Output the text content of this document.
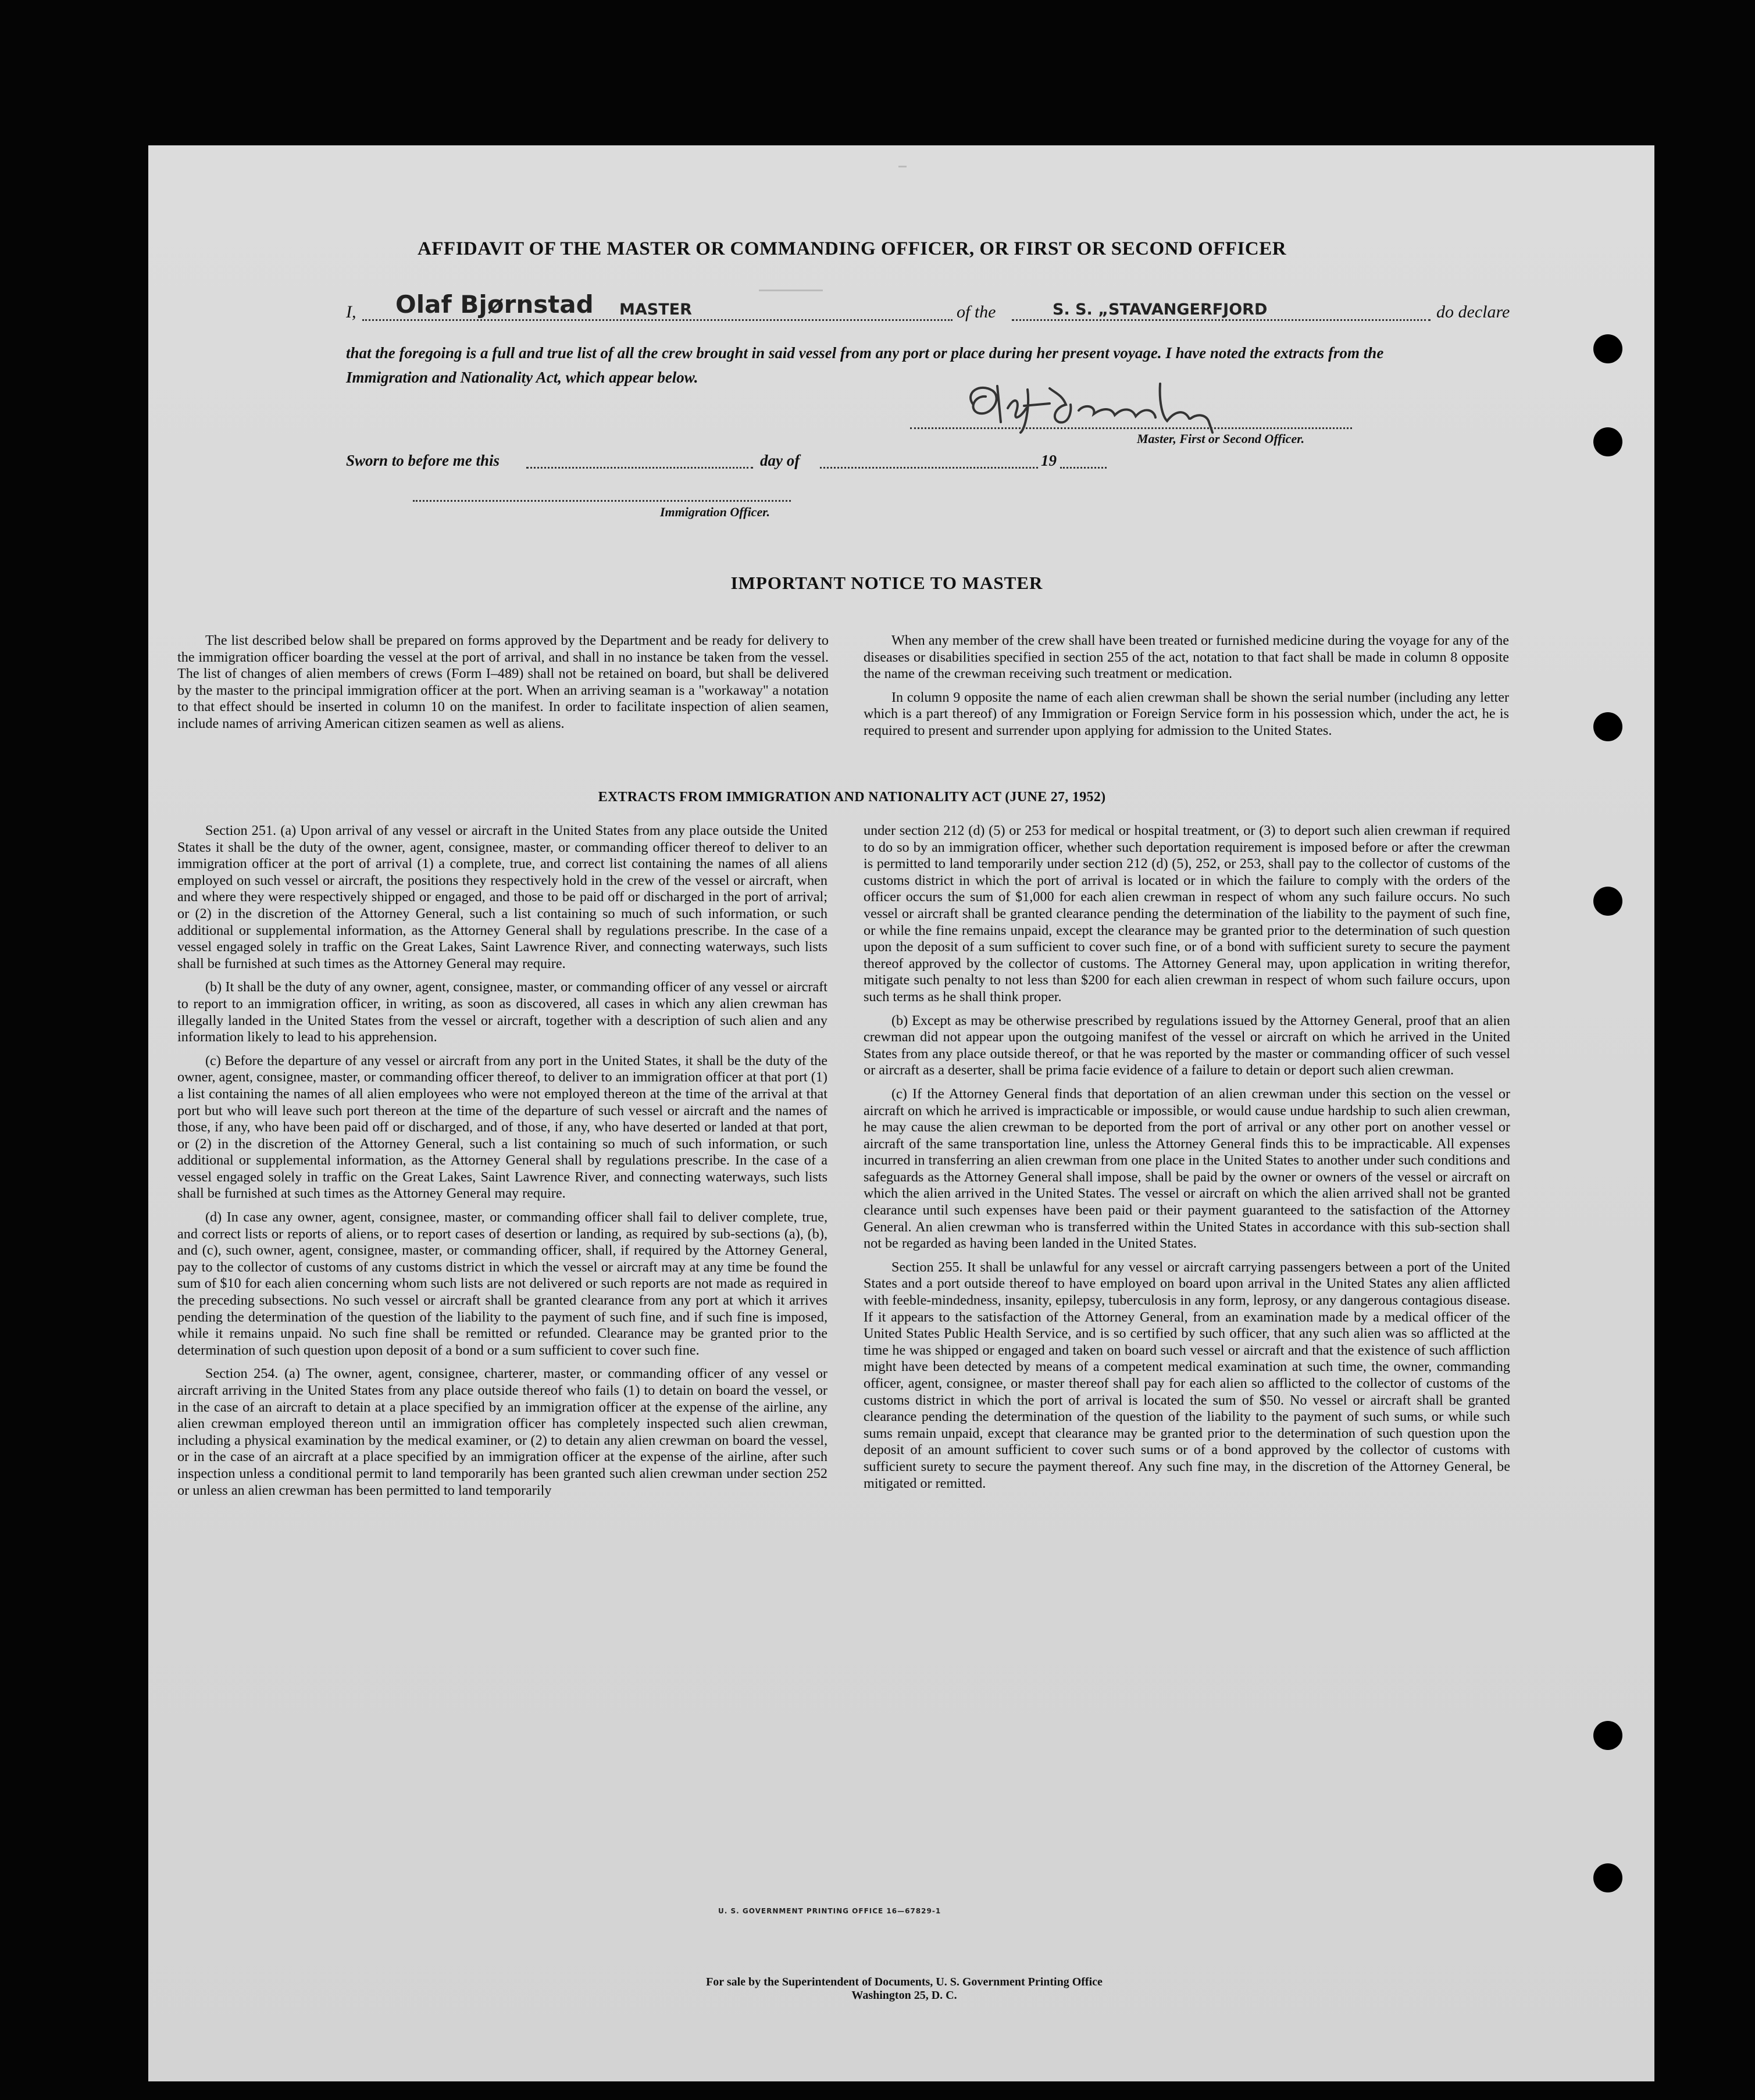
AFFIDAVIT OF THE MASTER OR COMMANDING OFFICER, OR FIRST OR SECOND OFFICER
I, Olaf Bjørnstad MASTER	of the	S. S. „STAVANGERFJORD	do declare
that the foregoing is a full and true list of all the crew brought in said vessel from any port or place during her present voyage. I have noted the extracts from the Immigration and Nationality Act, which appear below.
Master, First or Second Officer.
Sworn to before me this	day of	19
Immigration Officer.
IMPORTANT NOTICE TO MASTER

The list described below shall be prepared on forms approved by the Department and be ready for delivery to the immigration officer boarding the vessel at the port of arrival, and shall in no instance be taken from the vessel. The list of changes of alien members of crews (Form I–489) shall not be retained on board, but shall be delivered by the master to the principal immigration officer at the port. When an arriving seaman is a "workaway" a notation to that effect should be inserted in column 10 on the manifest. In order to facilitate inspection of alien seamen, include names of arriving American citizen seamen as well as aliens.

When any member of the crew shall have been treated or furnished medicine during the voyage for any of the diseases or disabilities specified in section 255 of the act, notation to that fact shall be made in column 8 opposite the name of the crewman receiving such treatment or medication.

In column 9 opposite the name of each alien crewman shall be shown the serial number (including any letter which is a part thereof) of any Immigration or Foreign Service form in his possession which, under the act, he is required to present and surrender upon applying for admission to the United States.

EXTRACTS FROM IMMIGRATION AND NATIONALITY ACT (JUNE 27, 1952)

Section 251. (a) Upon arrival of any vessel or aircraft in the United States from any place outside the United States it shall be the duty of the owner, agent, consignee, master, or commanding officer thereof to deliver to an immigration officer at the port of arrival (1) a complete, true, and correct list containing the names of all aliens employed on such vessel or aircraft, the positions they respectively hold in the crew of the vessel or aircraft, when and where they were respectively shipped or engaged, and those to be paid off or discharged in the port of arrival; or (2) in the discretion of the Attorney General, such a list containing so much of such information, or such additional or supplemental information, as the Attorney General shall by regulations prescribe. In the case of a vessel engaged solely in traffic on the Great Lakes, Saint Lawrence River, and connecting waterways, such lists shall be furnished at such times as the Attorney General may require.

(b) It shall be the duty of any owner, agent, consignee, master, or commanding officer of any vessel or aircraft to report to an immigration officer, in writing, as soon as discovered, all cases in which any alien crewman has illegally landed in the United States from the vessel or aircraft, together with a description of such alien and any information likely to lead to his apprehension.

(c) Before the departure of any vessel or aircraft from any port in the United States, it shall be the duty of the owner, agent, consignee, master, or commanding officer thereof, to deliver to an immigration officer at that port (1) a list containing the names of all alien employees who were not employed thereon at the time of the arrival at that port but who will leave such port thereon at the time of the departure of such vessel or aircraft and the names of those, if any, who have been paid off or discharged, and of those, if any, who have deserted or landed at that port, or (2) in the discretion of the Attorney General, such a list containing so much of such information, or such additional or supplemental information, as the Attorney General shall by regulations prescribe. In the case of a vessel engaged solely in traffic on the Great Lakes, Saint Lawrence River, and connecting waterways, such lists shall be furnished at such times as the Attorney General may require.

(d) In case any owner, agent, consignee, master, or commanding officer shall fail to deliver complete, true, and correct lists or reports of aliens, or to report cases of desertion or landing, as required by sub-sections (a), (b), and (c), such owner, agent, consignee, master, or commanding officer, shall, if required by the Attorney General, pay to the collector of customs of any customs district in which the vessel or aircraft may at any time be found the sum of $10 for each alien concerning whom such lists are not delivered or such reports are not made as required in the preceding subsections. No such vessel or aircraft shall be granted clearance from any port at which it arrives pending the determination of the question of the liability to the payment of such fine, and if such fine is imposed, while it remains unpaid. No such fine shall be remitted or refunded. Clearance may be granted prior to the determination of such question upon deposit of a bond or a sum sufficient to cover such fine.

Section 254. (a) The owner, agent, consignee, charterer, master, or commanding officer of any vessel or aircraft arriving in the United States from any place outside thereof who fails (1) to detain on board the vessel, or in the case of an aircraft to detain at a place specified by an immigration officer at the expense of the airline, any alien crewman employed thereon until an immigration officer has completely inspected such alien crewman, including a physical examination by the medical examiner, or (2) to detain any alien crewman on board the vessel, or in the case of an aircraft at a place specified by an immigration officer at the expense of the airline, after such inspection unless a conditional permit to land temporarily has been granted such alien crewman under section 252 or unless an alien crewman has been permitted to land temporarily

under section 212 (d) (5) or 253 for medical or hospital treatment, or (3) to deport such alien crewman if required to do so by an immigration officer, whether such deportation requirement is imposed before or after the crewman is permitted to land temporarily under section 212 (d) (5), 252, or 253, shall pay to the collector of customs of the customs district in which the port of arrival is located or in which the failure to comply with the orders of the officer occurs the sum of $1,000 for each alien crewman in respect of whom any such failure occurs. No such vessel or aircraft shall be granted clearance pending the determination of the liability to the payment of such fine, or while the fine remains unpaid, except the clearance may be granted prior to the determination of such question upon the deposit of a sum sufficient to cover such fine, or of a bond with sufficient surety to secure the payment thereof approved by the collector of customs. The Attorney General may, upon application in writing therefor, mitigate such penalty to not less than $200 for each alien crewman in respect of whom such failure occurs, upon such terms as he shall think proper.

(b) Except as may be otherwise prescribed by regulations issued by the Attorney General, proof that an alien crewman did not appear upon the outgoing manifest of the vessel or aircraft on which he arrived in the United States from any place outside thereof, or that he was reported by the master or commanding officer of such vessel or aircraft as a deserter, shall be prima facie evidence of a failure to detain or deport such alien crewman.

(c) If the Attorney General finds that deportation of an alien crewman under this section on the vessel or aircraft on which he arrived is impracticable or impossible, or would cause undue hardship to such alien crewman, he may cause the alien crewman to be deported from the port of arrival or any other port on another vessel or aircraft of the same transportation line, unless the Attorney General finds this to be impracticable. All expenses incurred in transferring an alien crewman from one place in the United States to another under such conditions and safeguards as the Attorney General shall impose, shall be paid by the owner or owners of the vessel or aircraft on which the alien arrived in the United States. The vessel or aircraft on which the alien arrived shall not be granted clearance until such expenses have been paid or their payment guaranteed to the satisfaction of the Attorney General. An alien crewman who is transferred within the United States in accordance with this sub-section shall not be regarded as having been landed in the United States.

Section 255. It shall be unlawful for any vessel or aircraft carrying passengers between a port of the United States and a port outside thereof to have employed on board upon arrival in the United States any alien afflicted with feeble-mindedness, insanity, epilepsy, tuberculosis in any form, leprosy, or any dangerous contagious disease. If it appears to the satisfaction of the Attorney General, from an examination made by a medical officer of the United States Public Health Service, and is so certified by such officer, that any such alien was so afflicted at the time he was shipped or engaged and taken on board such vessel or aircraft and that the existence of such affliction might have been detected by means of a competent medical examination at such time, the owner, commanding officer, agent, consignee, or master thereof shall pay for each alien so afflicted to the collector of customs of the customs district in which the port of arrival is located the sum of $50. No vessel or aircraft shall be granted clearance pending the determination of the question of the liability to the payment of such sums, or while such sums remain unpaid, except that clearance may be granted prior to the determination of such question upon the deposit of an amount sufficient to cover such sums or of a bond approved by the collector of customs with sufficient surety to secure the payment thereof. Any such fine may, in the discretion of the Attorney General, be mitigated or remitted.

U. S. GOVERNMENT PRINTING OFFICE 16—67829-1
For sale by the Superintendent of Documents, U. S. Government Printing Office
Washington 25, D. C.
